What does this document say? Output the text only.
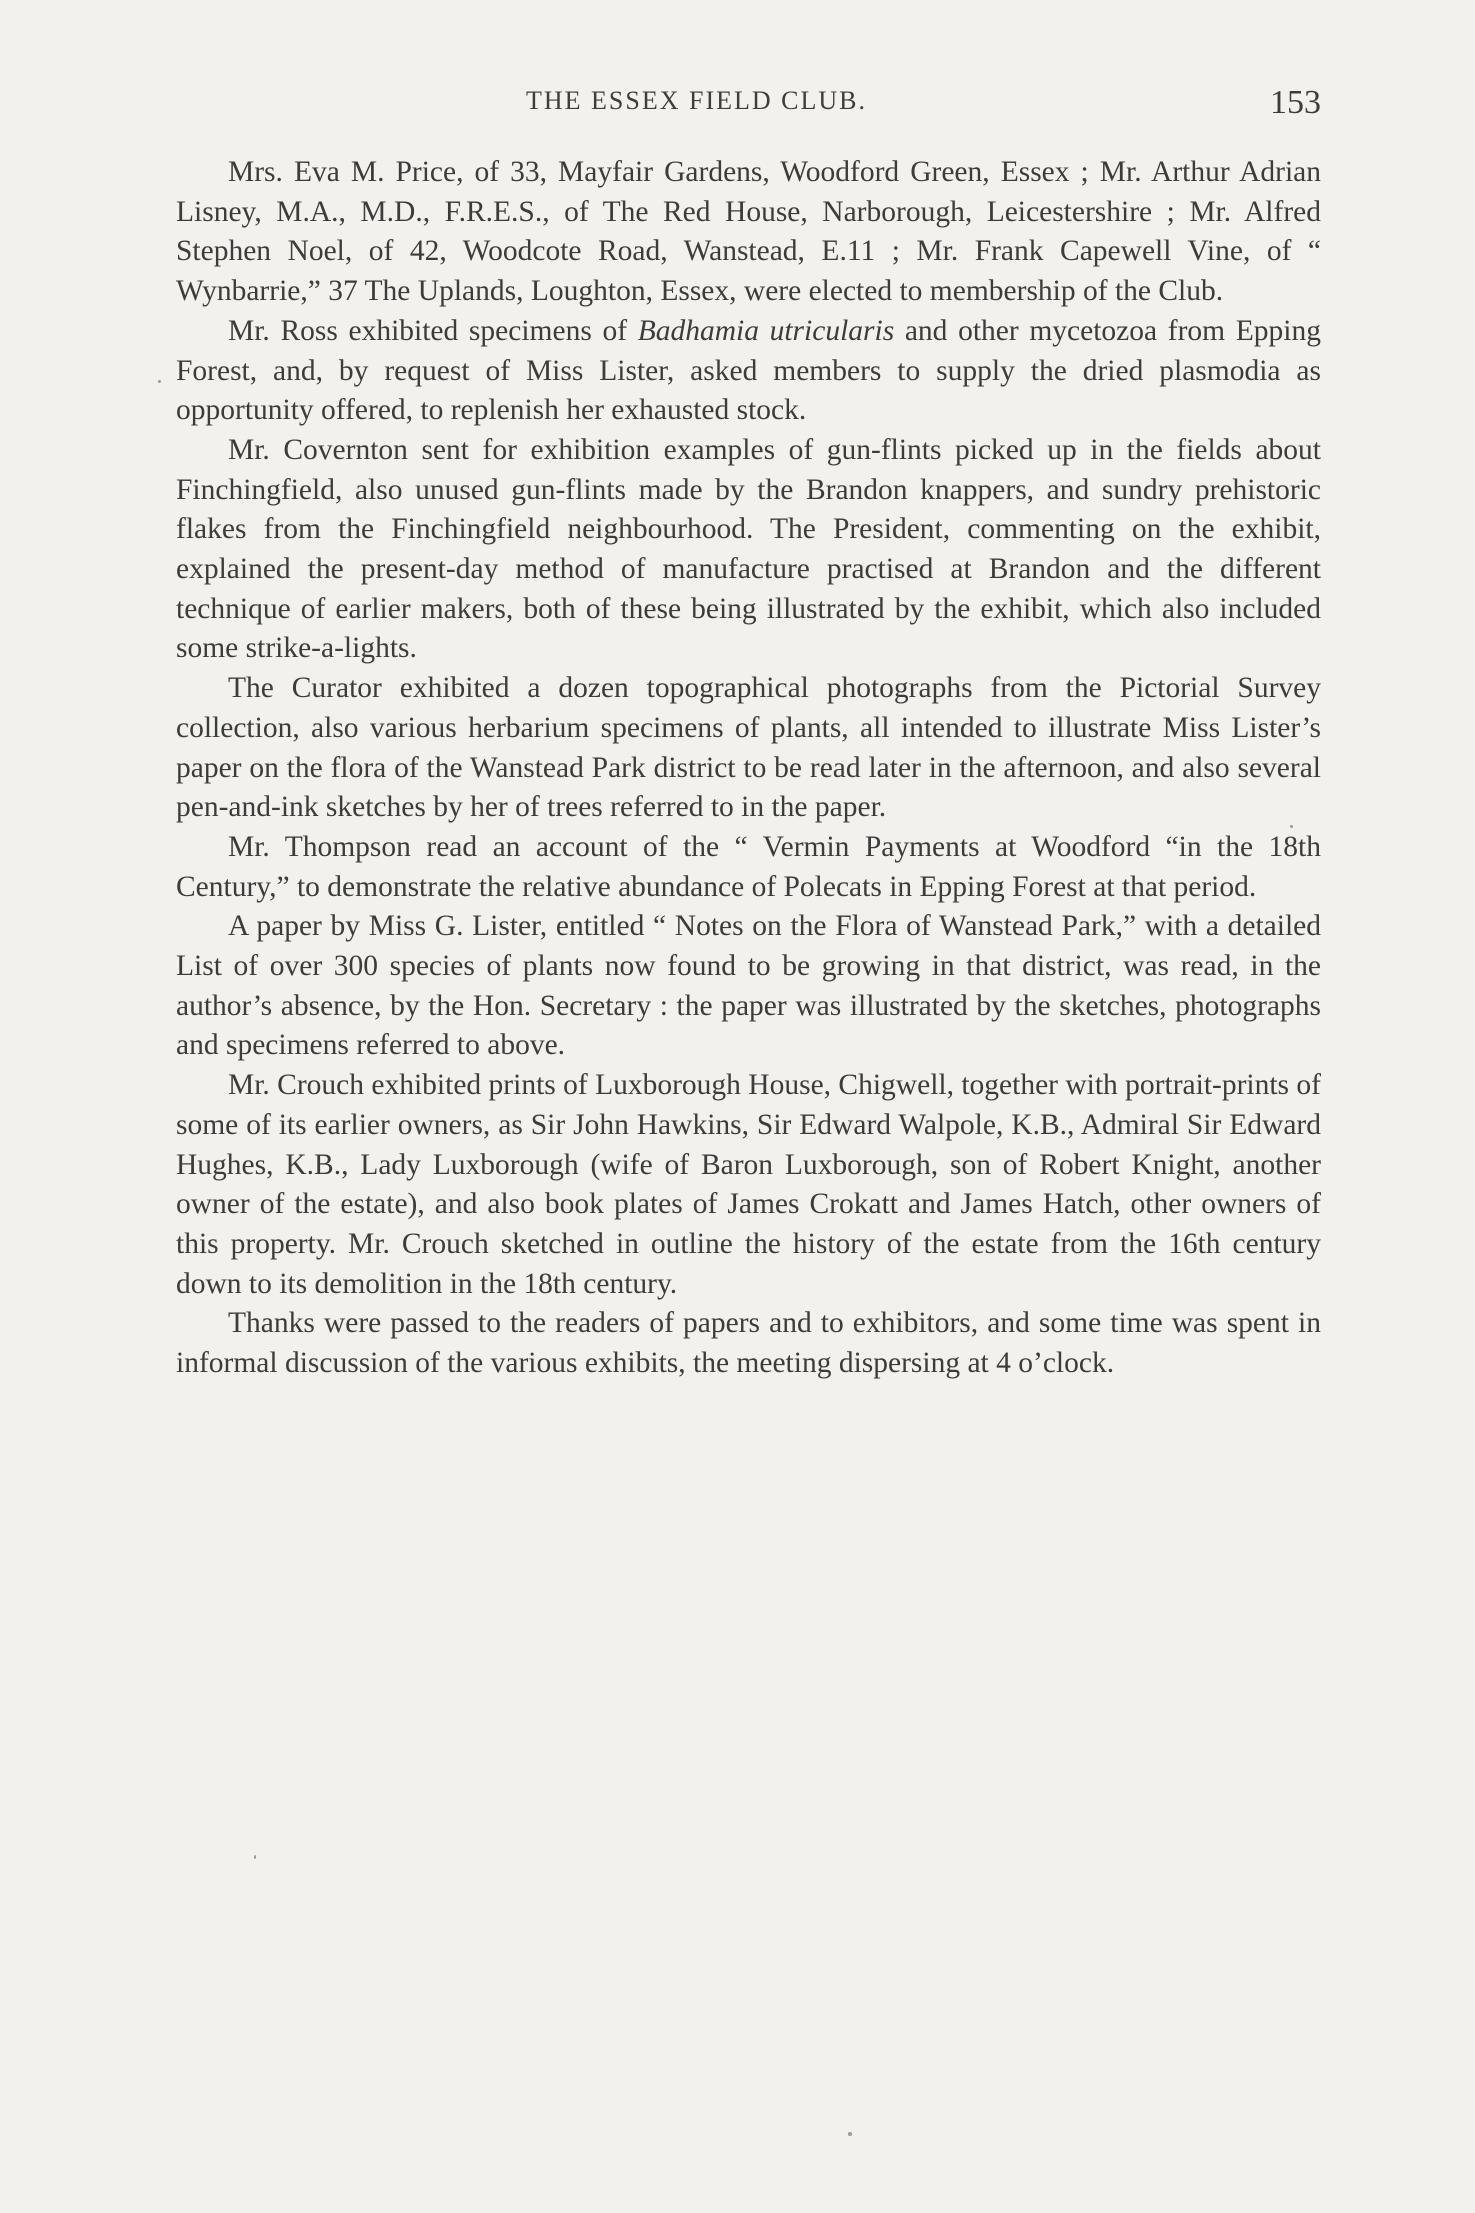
THE ESSEX FIELD CLUB.	153

Mrs. Eva M. Price, of 33, Mayfair Gardens, Woodford Green, Essex ; Mr. Arthur Adrian Lisney, M.A., M.D., F.R.E.S., of The Red House, Narborough, Leicestershire ; Mr. Alfred Stephen Noel, of 42, Woodcote Road, Wanstead, E.11 ; Mr. Frank Capewell Vine, of “ Wynbarrie,” 37 The Uplands, Loughton, Essex, were elected to membership of the Club.

Mr. Ross exhibited specimens of Badhamia utricularis and other mycetozoa from Epping Forest, and, by request of Miss Lister, asked members to supply the dried plasmodia as opportunity offered, to replenish her exhausted stock.

Mr. Covernton sent for exhibition examples of gun-flints picked up in the fields about Finchingfield, also unused gun-flints made by the Brandon knappers, and sundry prehistoric flakes from the Finchingfield neighbourhood. The President, commenting on the exhibit, explained the present-day method of manufacture practised at Brandon and the different technique of earlier makers, both of these being illustrated by the exhibit, which also included some strike-a-lights.

The Curator exhibited a dozen topographical photographs from the Pictorial Survey collection, also various herbarium specimens of plants, all intended to illustrate Miss Lister’s paper on the flora of the Wanstead Park district to be read later in the afternoon, and also several pen-and-ink sketches by her of trees referred to in the paper.

Mr. Thompson read an account of the “ Vermin Payments at Woodford “in the 18th Century,” to demonstrate the relative abundance of Polecats in Epping Forest at that period.

A paper by Miss G. Lister, entitled “ Notes on the Flora of Wanstead Park,” with a detailed List of over 300 species of plants now found to be growing in that district, was read, in the author’s absence, by the Hon. Secretary : the paper was illustrated by the sketches, photographs and specimens referred to above.

Mr. Crouch exhibited prints of Luxborough House, Chigwell, together with portrait-prints of some of its earlier owners, as Sir John Hawkins, Sir Edward Walpole, K.B., Admiral Sir Edward Hughes, K.B., Lady Luxborough (wife of Baron Luxborough, son of Robert Knight, another owner of the estate), and also book plates of James Crokatt and James Hatch, other owners of this property. Mr. Crouch sketched in outline the history of the estate from the 16th century down to its demolition in the 18th century.

Thanks were passed to the readers of papers and to exhibitors, and some time was spent in informal discussion of the various exhibits, the meeting dispersing at 4 o’clock.
